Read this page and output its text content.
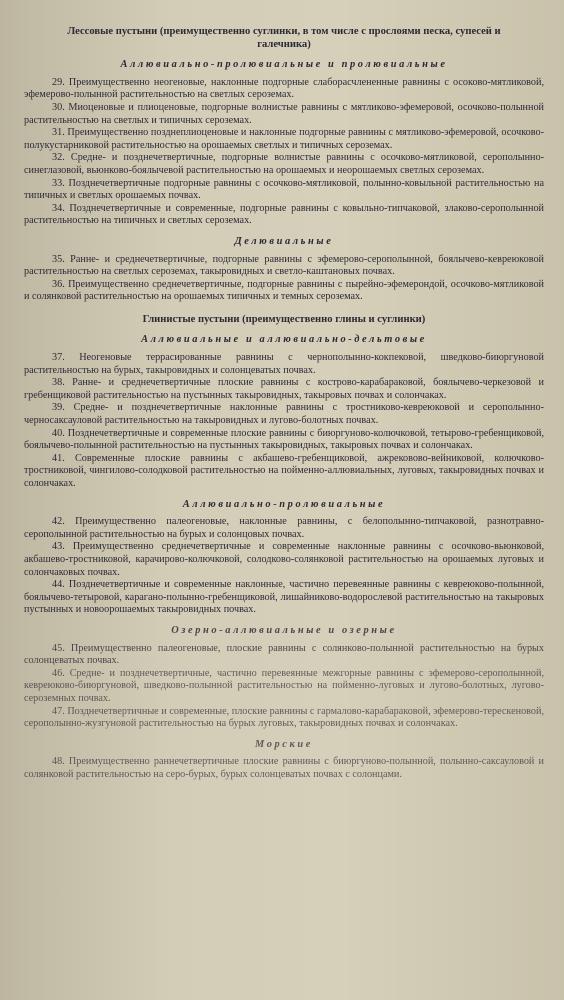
Лессовые пустыни (преимущественно суглинки, в том числе с прослоями песка, супесей и галечника)
Аллювиально-пролювиальные и пролювиальные

29. Преимущественно неогеновые, наклонные подгорные слаборасчлененные равнины с осоково-мятликовой, эфемерово-полынной растительностью на светлых сероземах.

30. Миоценовые и плиоценовые, подгорные волнистые равнины с мятликово-эфемеровой, осочково-полынной растительностью на светлых и типичных сероземах.

31. Преимущественно позднеплиоценовые и наклонные подгорные равнины с мятликово-эфемеровой, осочково-полукустарниковой растительностью на орошаемых светлых и типичных сероземах.

32. Средне- и позднечетвертичные, подгорные волнистые равнины с осочково-мятликовой, серополынно-синеглазовой, вьюнково-боялычевой растительностью на орошаемых и неорошаемых светлых сероземах.

33. Позднечетвертичные подгорные равнины с осочково-мятликовой, полынно-ковыльной растительностью на типичных и светлых орошаемых почвах.

34. Позднечетвертичные и современные, подгорные равнины с ковыльно-типчаковой, злаково-серополынной растительностью на типичных и светлых сероземах.

Делювиальные

35. Ранне- и среднечетвертичные, подгорные равнины с эфемерово-серополынной, боялычево-кевреюковой растительностью на светлых сероземах, такыровидных и светло-каштановых почвах.

36. Преимущественно среднечетвертичные, подгорные равнины с пырейно-эфемерондой, осочково-мятликовой и солянковой растительностью на орошаемых типичных и темных сероземах.

Глинистые пустыни (преимущественно глины и суглинки)
Аллювиальные и аллювиально-дельтовые

37. Неогеновые террасированные равнины с чернополынно-кокпековой, шведково-биюргуновой растительностью на бурых, такыровидных и солонцеватых почвах.

38. Ранне- и среднечетвертичные плоские равнины с кострово-карабараковой, боялычево-черкезовой и гребенщиковой растительностью на пустынных такыровидных, такыровых почвах и солончаках.

39. Средне- и позднечетвертичные наклонные равнины с тростниково-кевреюковой и серополынно-черносаксауловой растительностью на такыровидных и лугово-болотных почвах.

40. Позднечетвертичные и современные плоские равнины с биюргуново-колючковой, тетырово-гребенщиковой, боялычево-полынной растительностью на пустынных такыровидных, такыровых почвах и солончаках.

41. Современные плоские равнины с акбашево-гребенщиковой, ажрековово-вейниковой, колючково-тростниковой, чингилово-солодковой растительностью на пойменно-аллювиальных, луговых, такыровидных почвах и солончаках.

Аллювиально-пролювиальные

42. Преимущественно палеогеновые, наклонные равнины, с белополынно-типчаковой, разнотравно-серополынной растительностью на бурых и солонцовых почвах.

43. Преимущественно среднечетвертичные и современные наклонные равнины с осочково-вьюнковой, акбашево-тростниковой, карачирово-колючковой, солодково-солянковой растительностью на орошаемых луговых и солончаковых почвах.

44. Позднечетвертичные и современные наклонные, частично перевеянные равнины с кевреюково-полынной, боялычево-тетыровой, карагано-полынно-гребенщиковой, лишайниково-водорослевой растительностью на такыровых пустынных и новоорошаемых такыровидных почвах.

Озерно-аллювиальные и озерные

45. Преимущественно палеогеновые, плоские равнины с солянково-полынной растительностью на бурых солонцеватых почвах.

46. Средне- и позднечетвертичные, частично перевеянные межгорные равнины с эфемерово-серополынной, кевреюково-биюргуновой, шведково-полынной растительностью на пойменно-луговых и лугово-болотных, лугово-сероземных почвах.

47. Позднечетвертичные и современные, плоские равнины с гармалово-карабараковой, эфемерово-терескеновой, серополынно-жузгуновой растительностью на бурых луговых, такыровидных почвах и солончаках.

Морские

48. Преимущественно раннечетвертичные плоские равнины с биюргуново-полынной, полынно-саксауловой и солянковой растительностью на серо-бурых, бурых солонцеватых почвах с солонцами.
